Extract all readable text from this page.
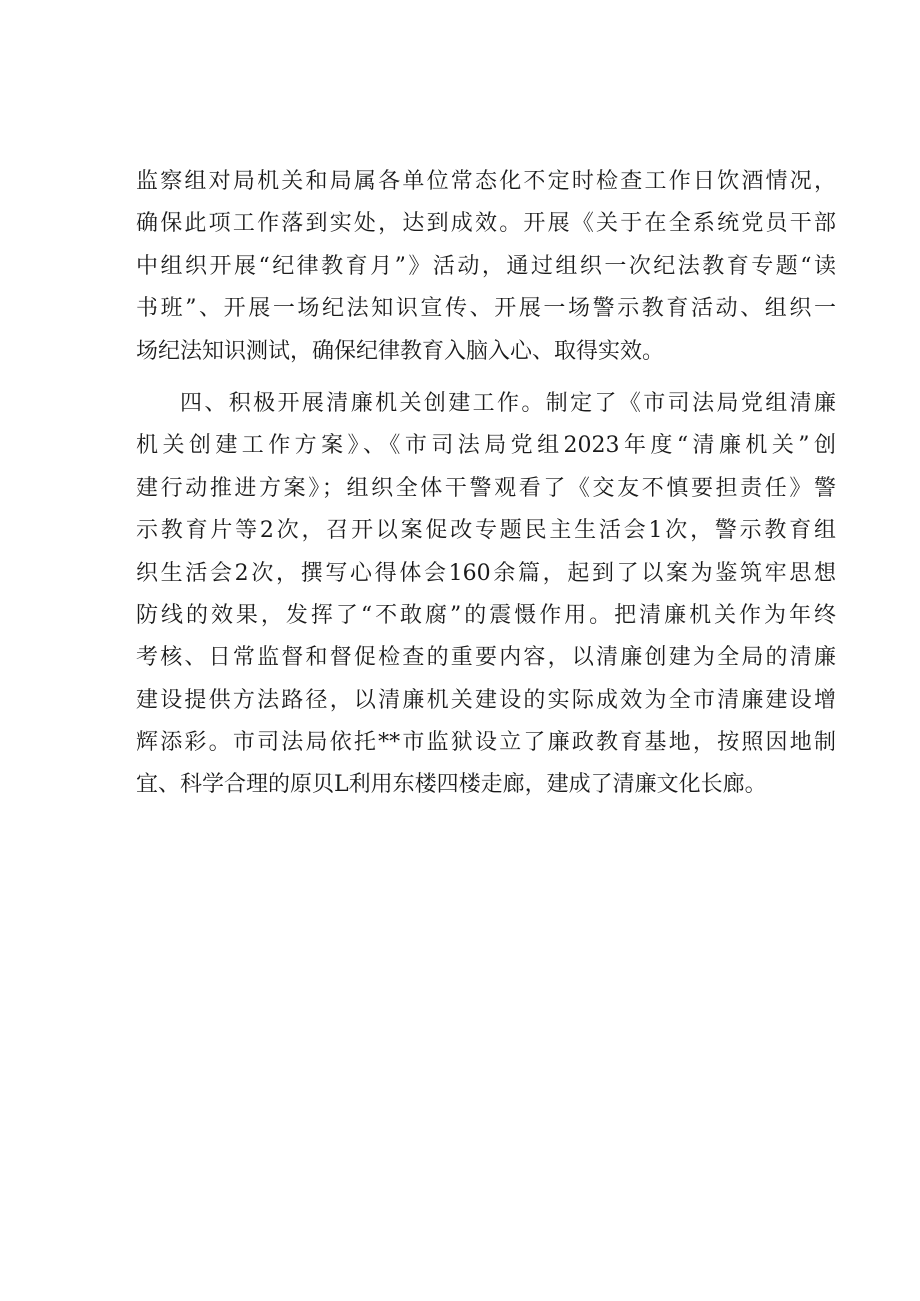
监察组对局机关和局属各单位常态化不定时检查工作日饮酒情况，
确保此项工作落到实处，达到成效。开展《关于在全系统党员干部
中组织开展“纪律教育月”》活动，通过组织一次纪法教育专题“读
书班”、开展一场纪法知识宣传、开展一场警示教育活动、组织一
场纪法知识测试，确保纪律教育入脑入心、取得实效。
四、积极开展清廉机关创建工作。制定了《市司法局党组清廉
机关创建工作方案》、《市司法局党组2023年度“清廉机关”创
建行动推进方案》；组织全体干警观看了《交友不慎要担责任》警
示教育片等2次，召开以案促改专题民主生活会1次，警示教育组
织生活会2次，撰写心得体会160余篇，起到了以案为鉴筑牢思想
防线的效果，发挥了“不敢腐”的震慑作用。把清廉机关作为年终
考核、日常监督和督促检查的重要内容，以清廉创建为全局的清廉
建设提供方法路径，以清廉机关建设的实际成效为全市清廉建设增
辉添彩。市司法局依托**市监狱设立了廉政教育基地，按照因地制
宜、科学合理的原贝L利用东楼四楼走廊，建成了清廉文化长廊。
